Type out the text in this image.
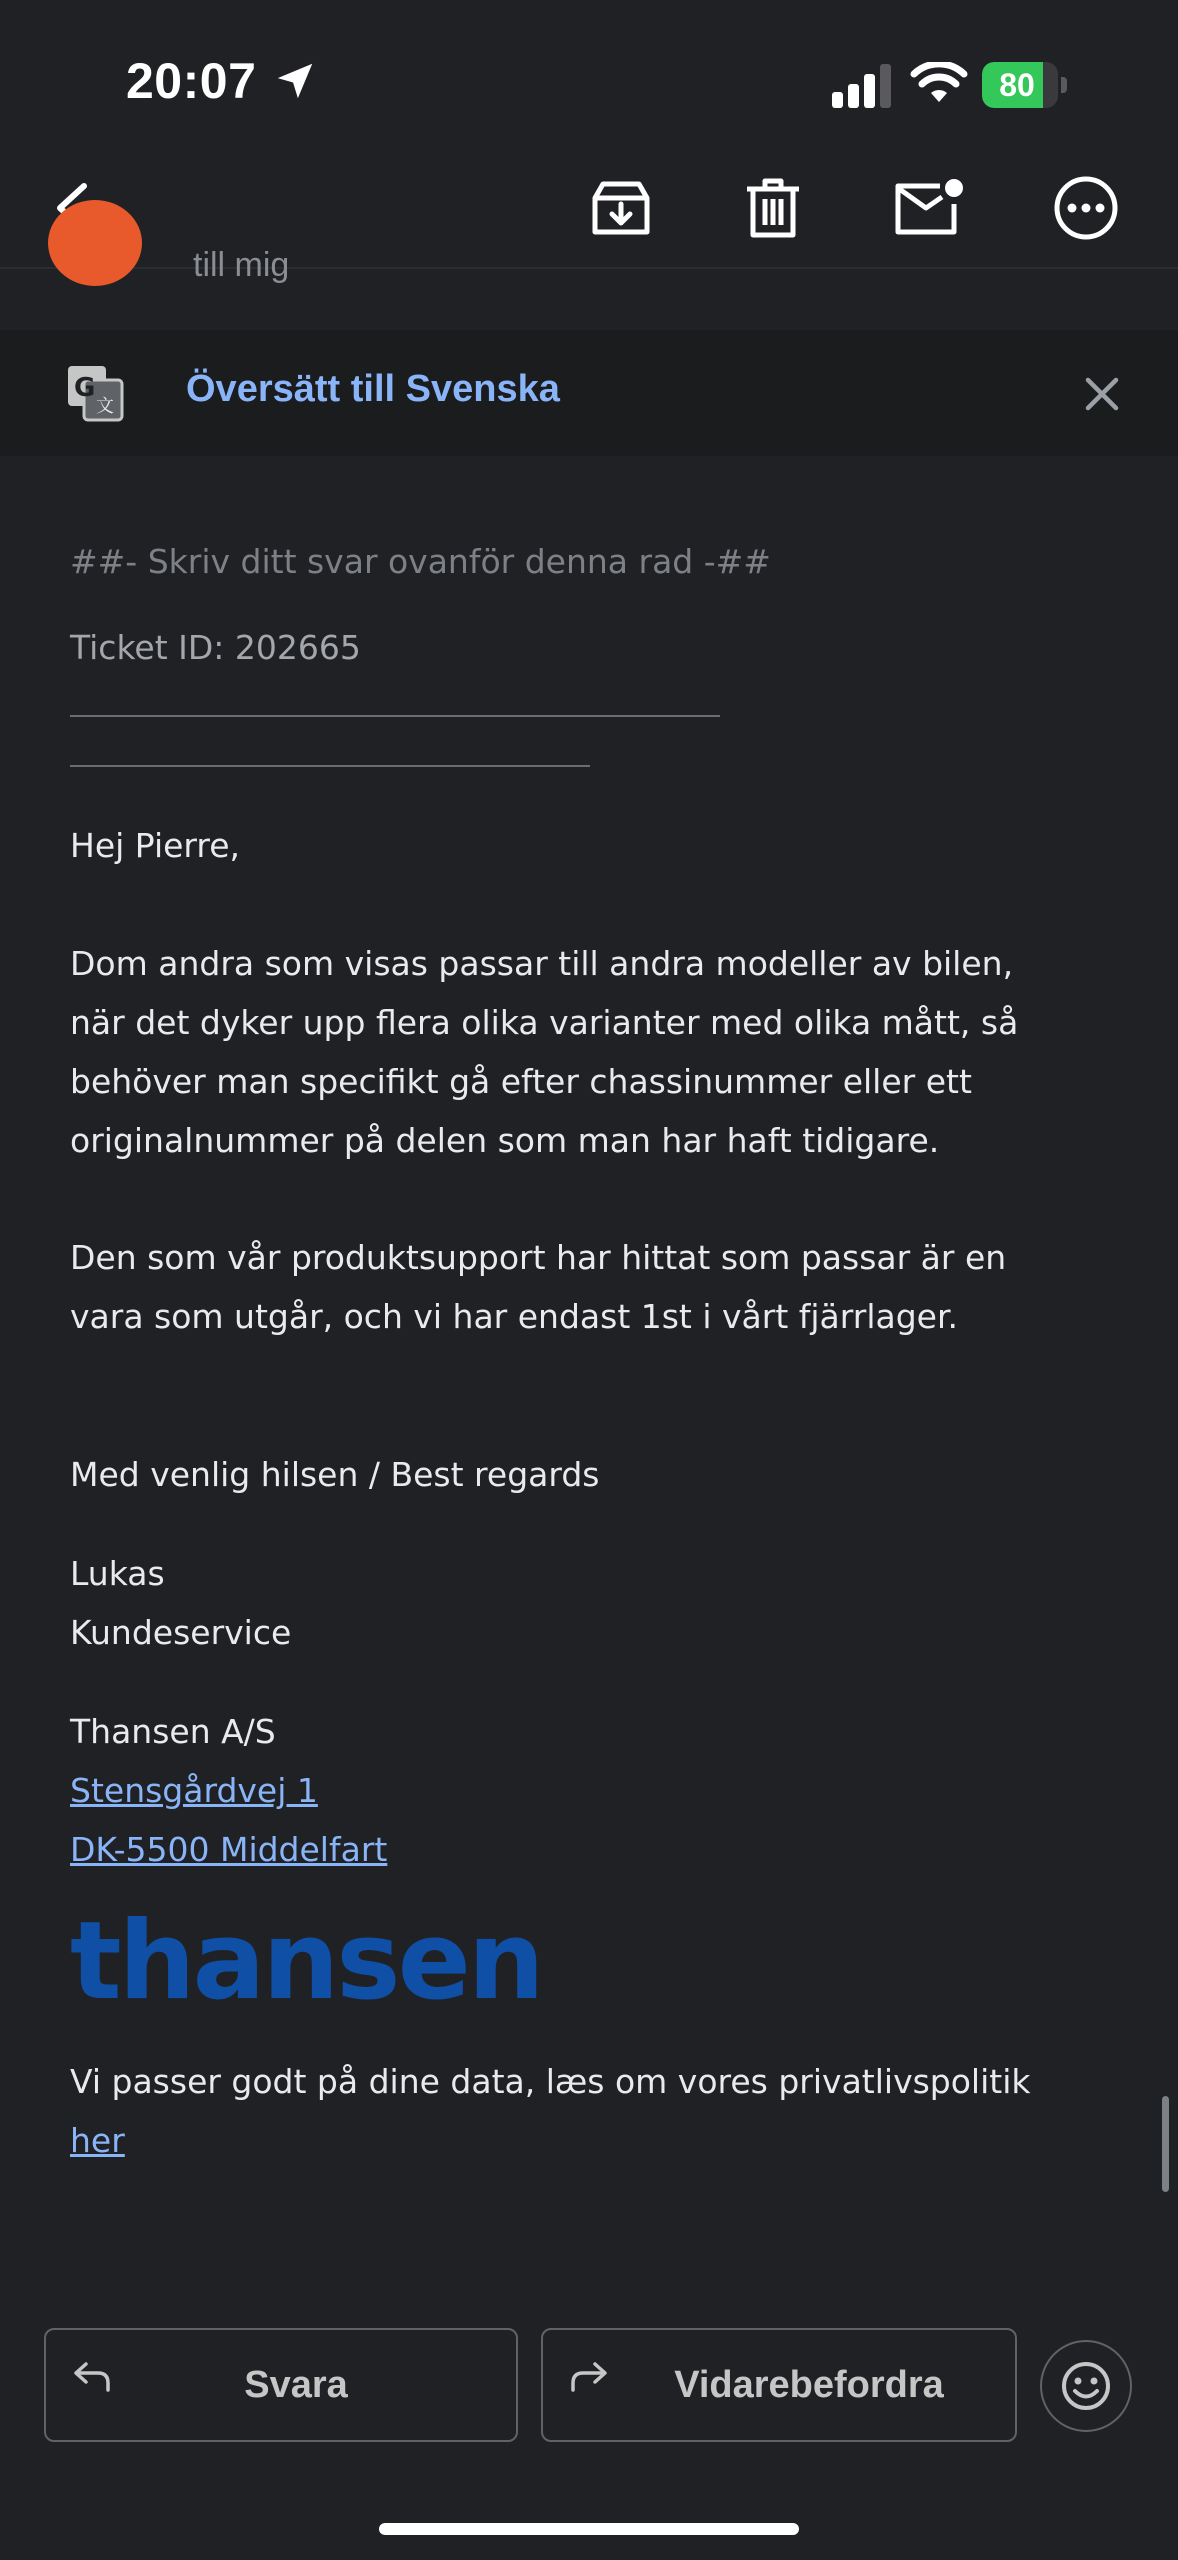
20:07	80
till mig
G
文 Översätt till Svenska
##- Skriv ditt svar ovanför denna rad -##
Ticket ID: 202665
Hej Pierre,
Dom andra som visas passar till andra modeller av bilen,
när det dyker upp flera olika varianter med olika mått, så
behöver man specifikt gå efter chassinummer eller ett
originalnummer på delen som man har haft tidigare.
Den som vår produktsupport har hittat som passar är en
vara som utgår, och vi har endast 1st i vårt fjärrlager.
Med venlig hilsen / Best regards
Lukas
Kundeservice
Thansen A/S
Stensgårdvej 1
DK-5500 Middelfart
thansen
Vi passer godt på dine data, læs om vores privatlivspolitik
her
Svara	Vidarebefordra
